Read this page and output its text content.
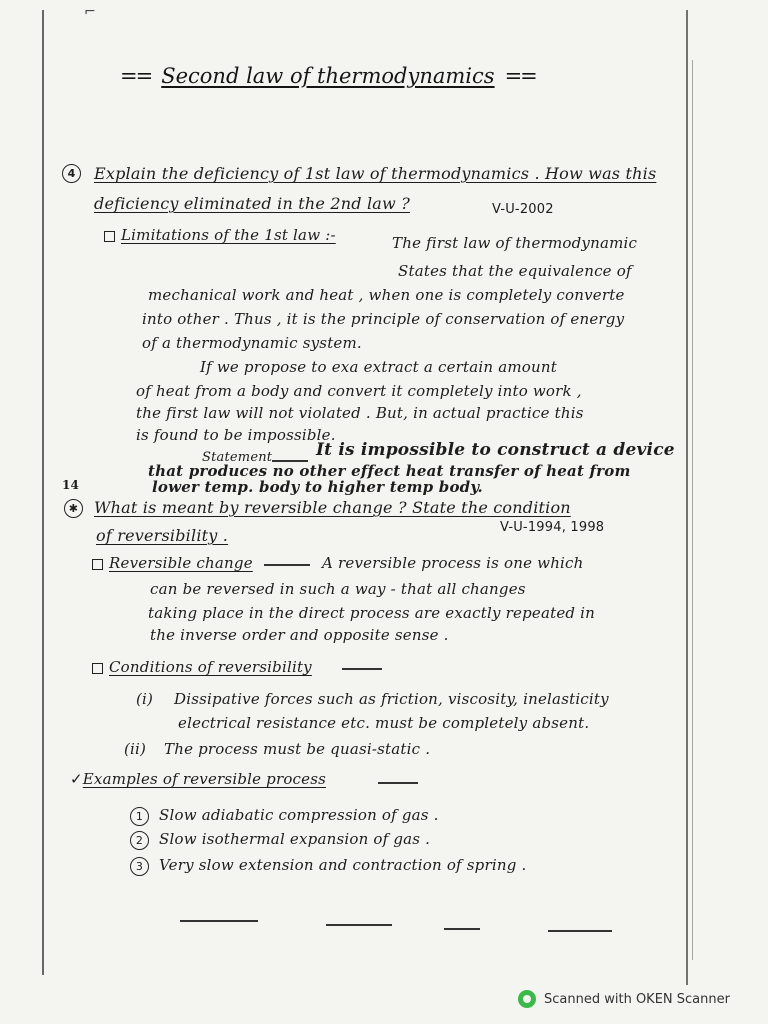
⌐
== Second law of thermodynamics ==
4	Explain the deficiency of 1st law of thermodynamics . How was this
deficiency eliminated in the 2nd law ?	V-U-2002
Limitations of the 1st law :-	The first law of thermodynamic
States that the equivalence of
mechanical work and heat , when one is completely converte
into other . Thus , it is the principle of conservation of energy
of a thermodynamic system.
If we propose to exa extract a certain amount
of heat from a body and convert it completely into work ,
the first law will not violated . But, in actual practice this
is found to be impossible.
Statement	It is impossible to construct a device
that produces no other effect heat transfer of heat from
lower temp. body to higher temp body.
14
✱ What is meant by reversible change ? State the condition
of reversibility .	V-U-1994, 1998
Reversible change	A reversible process is one which
can be reversed in such a way - that all changes
taking place in the direct process are exactly repeated in
the inverse order and opposite sense .
Conditions of reversibility
(i) Dissipative forces such as friction, viscosity, inelasticity
electrical resistance etc. must be completely absent.
(ii) The process must be quasi-static .
✓Examples of reversible process
1 Slow adiabatic compression of gas .
2 Slow isothermal expansion of gas .
3 Very slow extension and contraction of spring .
Scanned with OKEN Scanner
